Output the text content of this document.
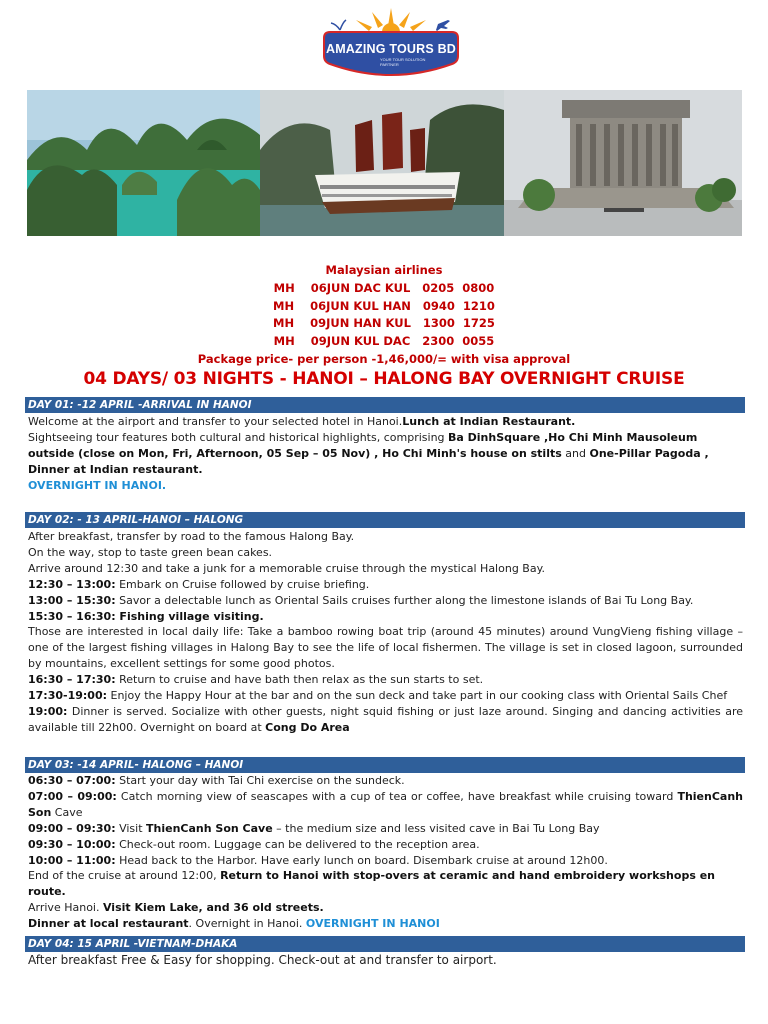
AMAZING TOURS BD
YOUR TOUR SOLUTION PARTNER
Malaysian airlines
MH    06JUN DAC KUL   0205  0800
MH    06JUN KUL HAN   0940  1210
MH    09JUN HAN KUL   1300  1725
MH    09JUN KUL DAC   2300  0055
Package price- per person -1,46,000/= with visa approval
04 DAYS/ 03 NIGHTS - HANOI – HALONG BAY OVERNIGHT CRUISE
DAY 01: -12 APRIL -ARRIVAL IN HANOI

Welcome at the airport and transfer to your selected hotel in Hanoi.Lunch at Indian Restaurant.

Sightseeing tour features both cultural and historical highlights, comprising Ba DinhSquare ,Ho Chi Minh Mausoleum

outside (close on Mon, Fri, Afternoon, 05 Sep – 05 Nov) , Ho Chi Minh's house on stilts and One-Pillar Pagoda ,

Dinner at Indian restaurant.

OVERNIGHT IN HANOI.

DAY 02: - 13 APRIL-HANOI – HALONG

After breakfast, transfer by road to the famous Halong Bay.

On the way, stop to taste green bean cakes.

Arrive around 12:30 and take a junk for a memorable cruise through the mystical Halong Bay.

12:30 – 13:00: Embark on Cruise followed by cruise briefing.

13:00 – 15:30: Savor a delectable lunch as Oriental Sails cruises further along the limestone islands of Bai Tu Long Bay.

15:30 – 16:30: Fishing village visiting.

Those are interested in local daily life: Take a bamboo rowing boat trip (around 45 minutes) around VungVieng fishing village – one of the largest fishing villages in Halong Bay to see the life of local fishermen. The village is set in closed lagoon, surrounded by mountains, excellent settings for some good photos.

16:30 – 17:30: Return to cruise and have bath then relax as the sun starts to set.

17:30-19:00: Enjoy the Happy Hour at the bar and on the sun deck and take part in our cooking class with Oriental Sails Chef

19:00: Dinner is served. Socialize with other guests, night squid fishing or just laze around. Singing and dancing activities are available till 22h00. Overnight on board at Cong Do Area

DAY 03: -14 APRIL- HALONG – HANOI

06:30 – 07:00: Start your day with Tai Chi exercise on the sundeck.

07:00 – 09:00: Catch morning view of seascapes with a cup of tea or coffee, have breakfast while cruising toward ThienCanh Son Cave

09:00 – 09:30: Visit ThienCanh Son Cave – the medium size and less visited cave in Bai Tu Long Bay

09:30 – 10:00: Check-out room. Luggage can be delivered to the reception area.

10:00 – 11:00: Head back to the Harbor. Have early lunch on board. Disembark cruise at around 12h00.

End of the cruise at around 12:00, Return to Hanoi with stop-overs at ceramic and hand embroidery workshops en route.

Arrive Hanoi. Visit Kiem Lake, and 36 old streets.

Dinner at local restaurant. Overnight in Hanoi. OVERNIGHT IN HANOI

DAY 04: 15 APRIL -VIETNAM-DHAKA

After breakfast Free & Easy for shopping. Check-out at and transfer to airport.
